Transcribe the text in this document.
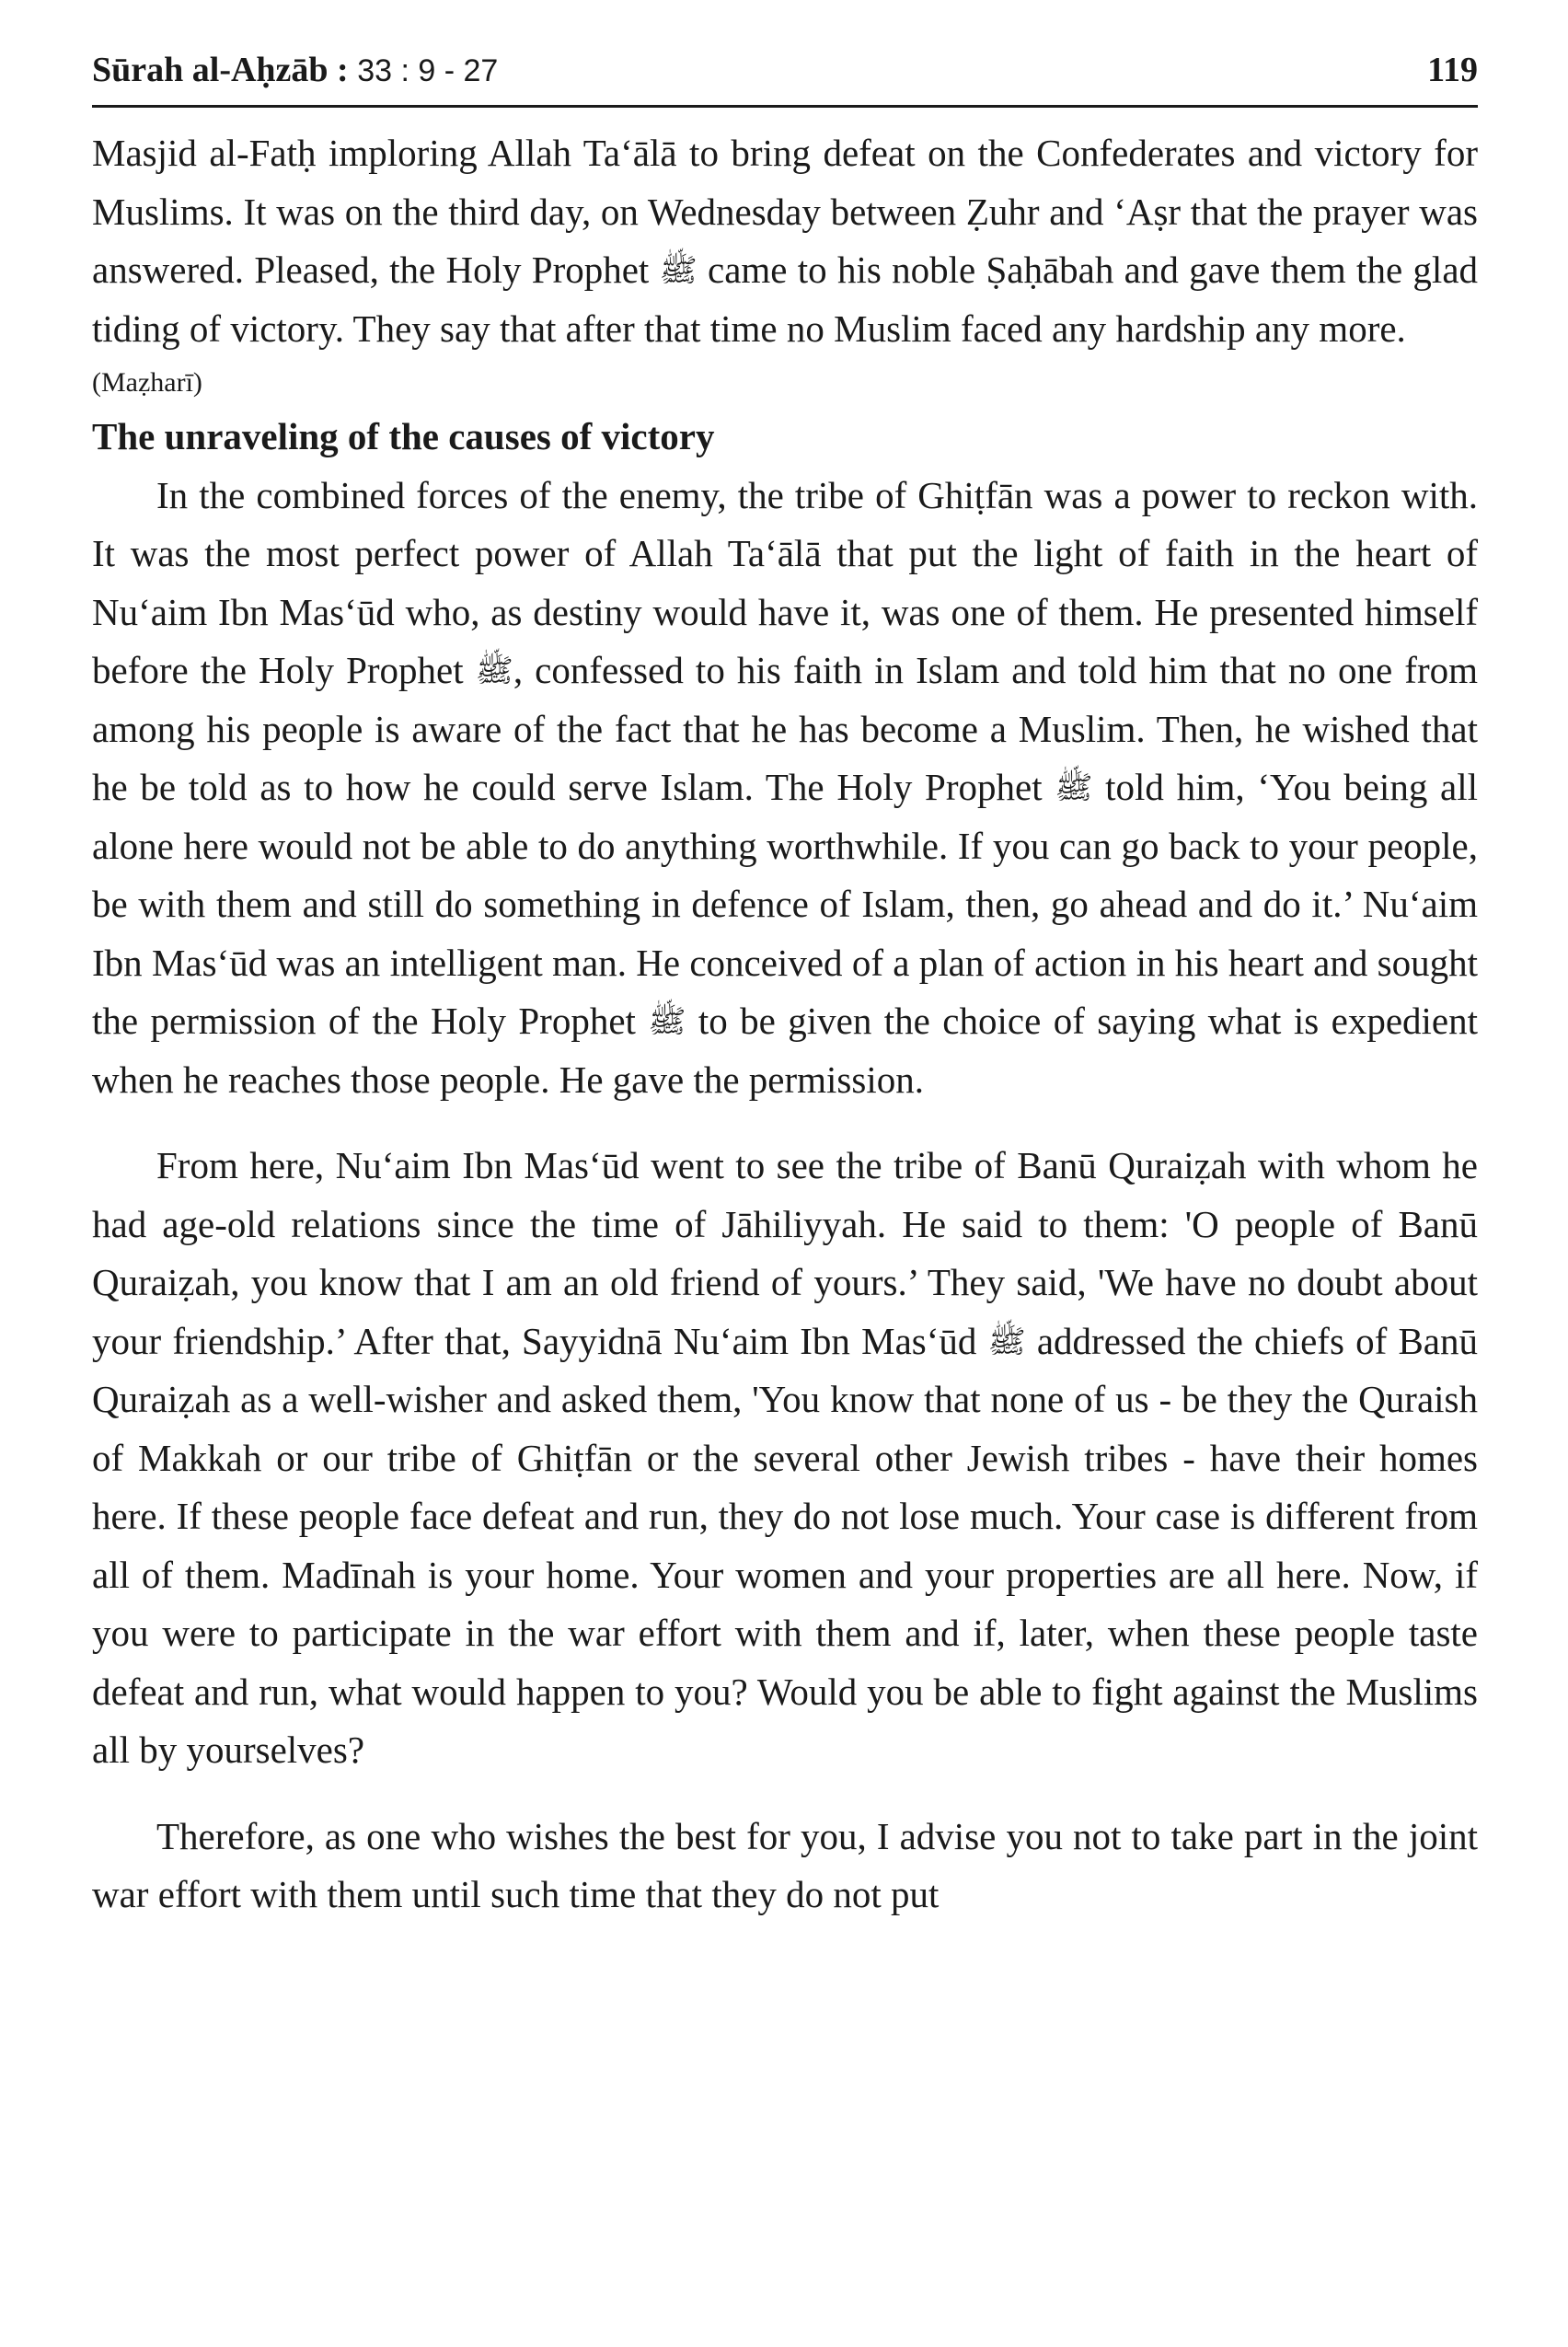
Sūrah al-Aḥzāb : 33 : 9 - 27	119

Masjid al-Fatḥ imploring Allah Ta‘ālā to bring defeat on the Confederates and victory for Muslims. It was on the third day, on Wednesday between Ẓuhr and ‘Aṣr that the prayer was answered. Pleased, the Holy Prophet ﷺ came to his noble Ṣaḥābah and gave them the glad tiding of victory. They say that after that time no Muslim faced any hardship any more.

(Maẓharī)

The unraveling of the causes of victory

In the combined forces of the enemy, the tribe of Ghiṭfān was a power to reckon with. It was the most perfect power of Allah Ta‘ālā that put the light of faith in the heart of Nu‘aim Ibn Mas‘ūd who, as destiny would have it, was one of them. He presented himself before the Holy Prophet ﷺ, confessed to his faith in Islam and told him that no one from among his people is aware of the fact that he has become a Muslim. Then, he wished that he be told as to how he could serve Islam. The Holy Prophet ﷺ told him, ‘You being all alone here would not be able to do anything worthwhile. If you can go back to your people, be with them and still do something in defence of Islam, then, go ahead and do it.’ Nu‘aim Ibn Mas‘ūd was an intelligent man. He conceived of a plan of action in his heart and sought the permission of the Holy Prophet ﷺ to be given the choice of saying what is expedient when he reaches those people. He gave the permission.

From here, Nu‘aim Ibn Mas‘ūd went to see the tribe of Banū Quraiẓah with whom he had age-old relations since the time of Jāhiliyyah. He said to them: 'O people of Banū Quraiẓah, you know that I am an old friend of yours.’ They said, 'We have no doubt about your friendship.’ After that, Sayyidnā Nu‘aim Ibn Mas‘ūd ﷺ addressed the chiefs of Banū Quraiẓah as a well-wisher and asked them, 'You know that none of us - be they the Quraish of Makkah or our tribe of Ghiṭfān or the several other Jewish tribes - have their homes here. If these people face defeat and run, they do not lose much. Your case is different from all of them. Madīnah is your home. Your women and your properties are all here. Now, if you were to participate in the war effort with them and if, later, when these people taste defeat and run, what would happen to you? Would you be able to fight against the Muslims all by yourselves?

Therefore, as one who wishes the best for you, I advise you not to take part in the joint war effort with them until such time that they do not put
